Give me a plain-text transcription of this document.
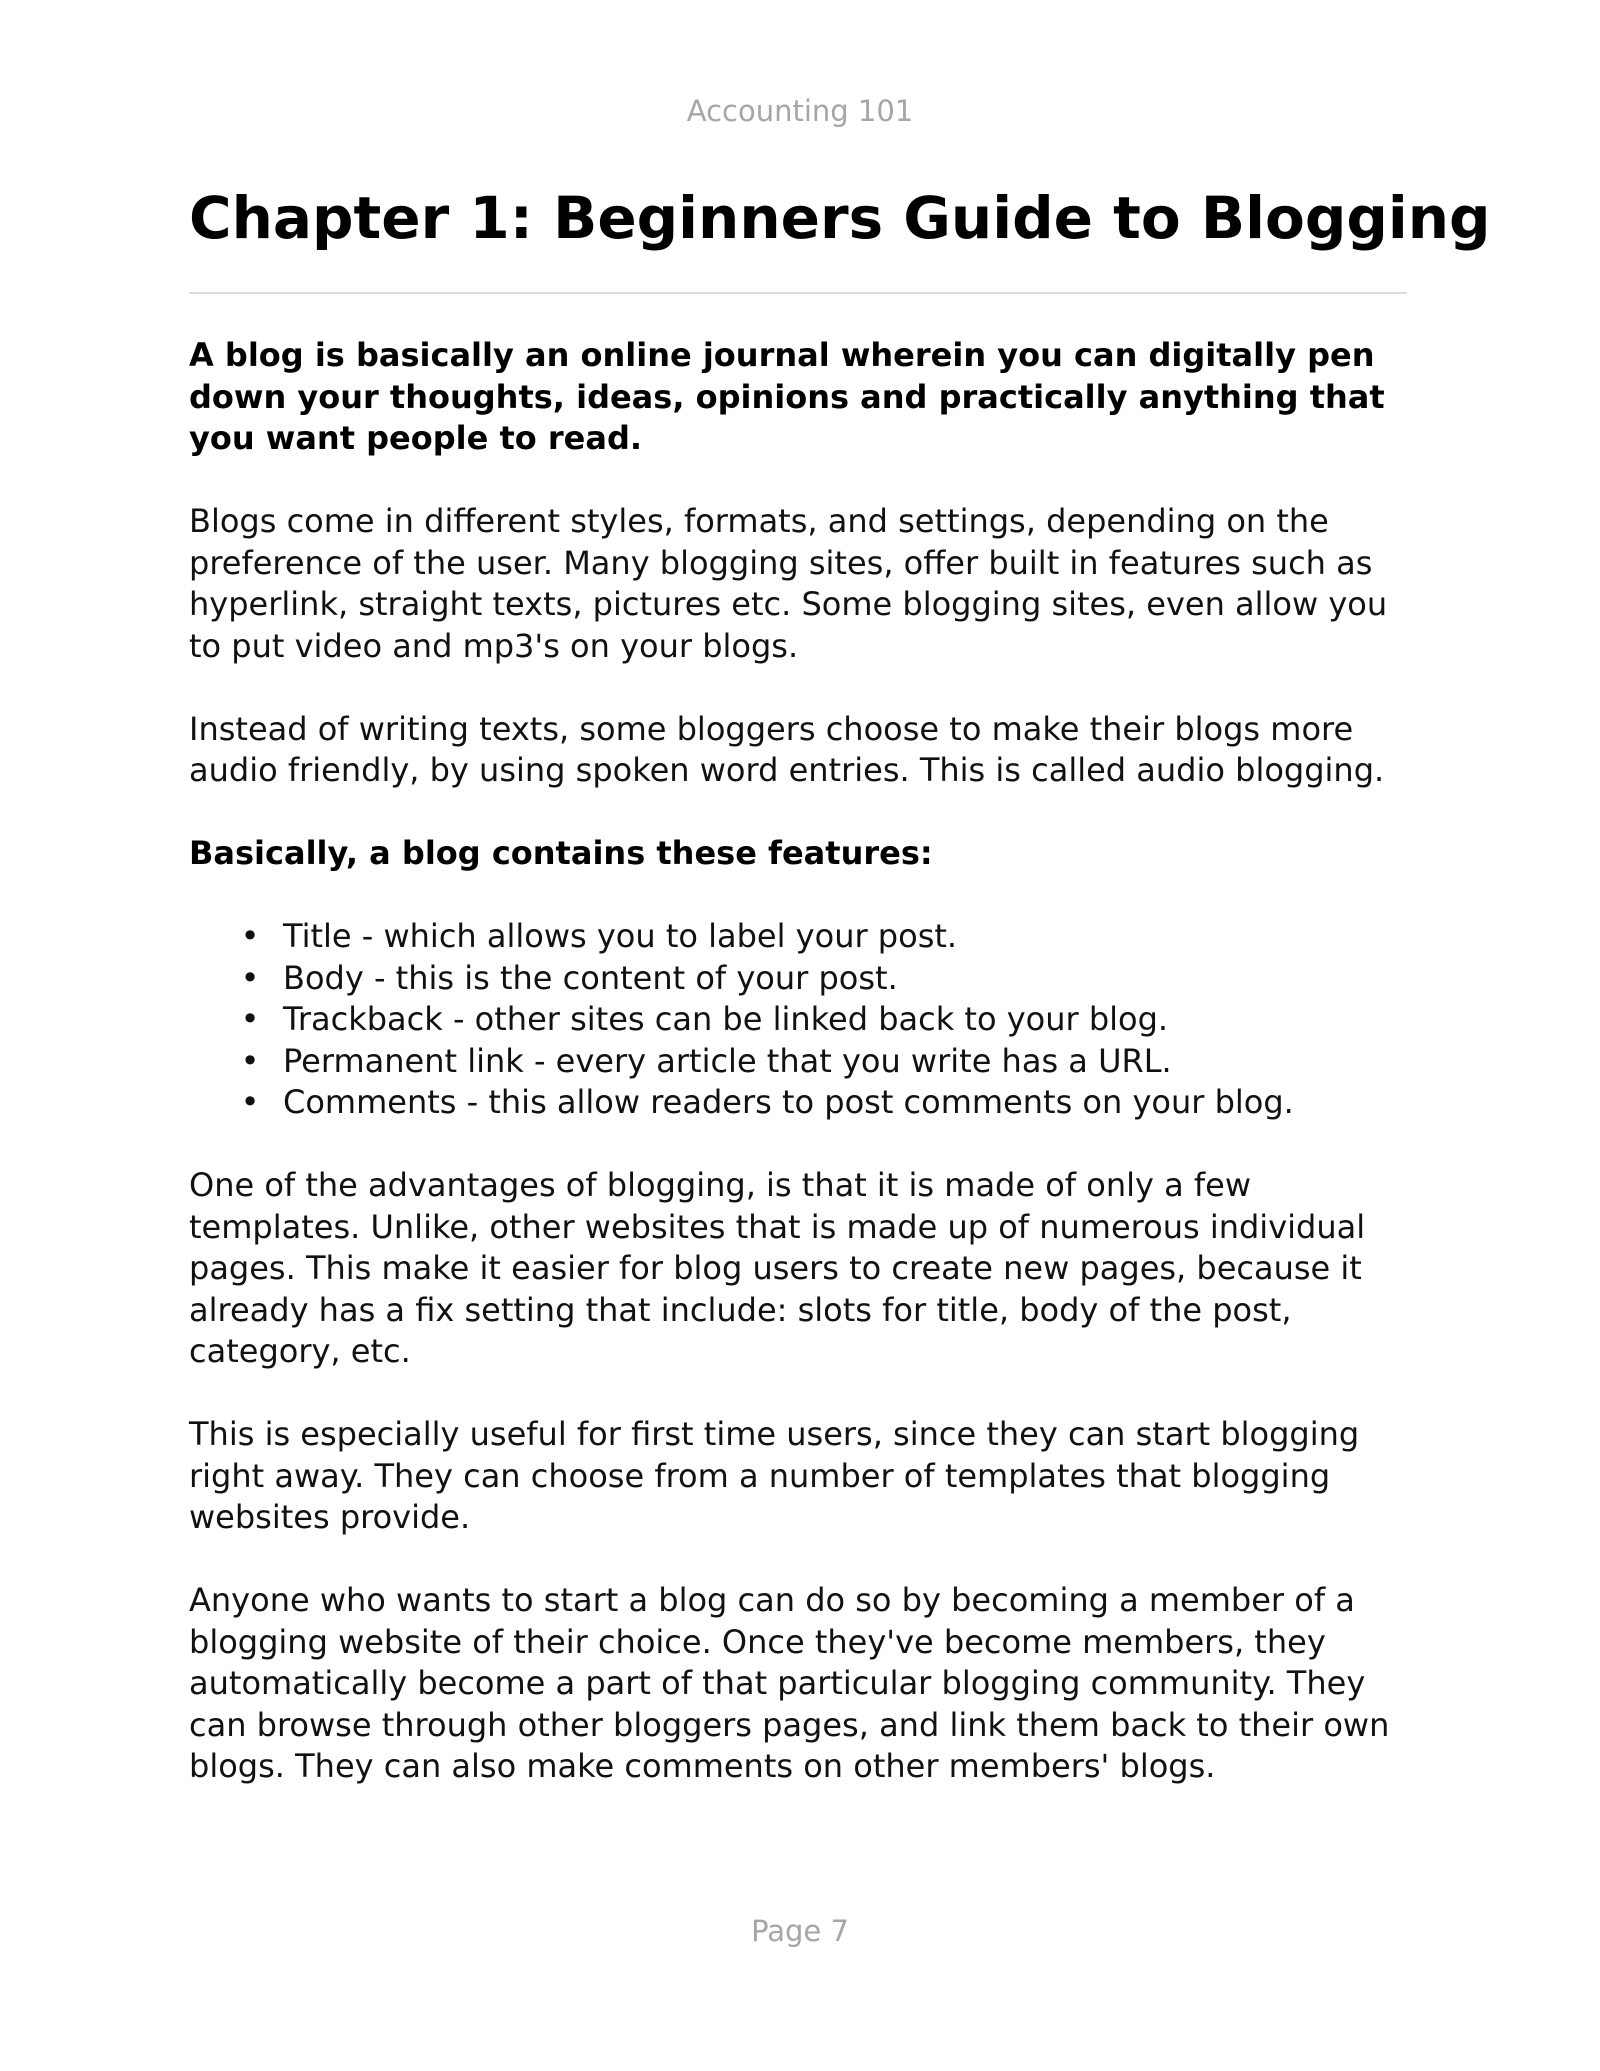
Accounting 101
Chapter 1: Beginners Guide to Blogging

A blog is basically an online journal wherein you can digitally pen down your thoughts, ideas, opinions and practically anything that you want people to read.

Blogs come in different styles, formats, and settings, depending on the preference of the user. Many blogging sites, offer built in features such as hyperlink, straight texts, pictures etc. Some blogging sites, even allow you to put video and mp3's on your blogs.

Instead of writing texts, some bloggers choose to make their blogs more audio friendly, by using spoken word entries. This is called audio blogging.

Basically, a blog contains these features:

• Title - which allows you to label your post.
• Body - this is the content of your post.
• Trackback - other sites can be linked back to your blog.
• Permanent link - every article that you write has a URL.
• Comments - this allow readers to post comments on your blog.

One of the advantages of blogging, is that it is made of only a few templates. Unlike, other websites that is made up of numerous individual pages. This make it easier for blog users to create new pages, because it already has a fix setting that include: slots for title, body of the post, category, etc.

This is especially useful for first time users, since they can start blogging right away. They can choose from a number of templates that blogging websites provide.

Anyone who wants to start a blog can do so by becoming a member of a blogging website of their choice. Once they've become members, they automatically become a part of that particular blogging community. They can browse through other bloggers pages, and link them back to their own blogs. They can also make comments on other members' blogs.

Page 7
